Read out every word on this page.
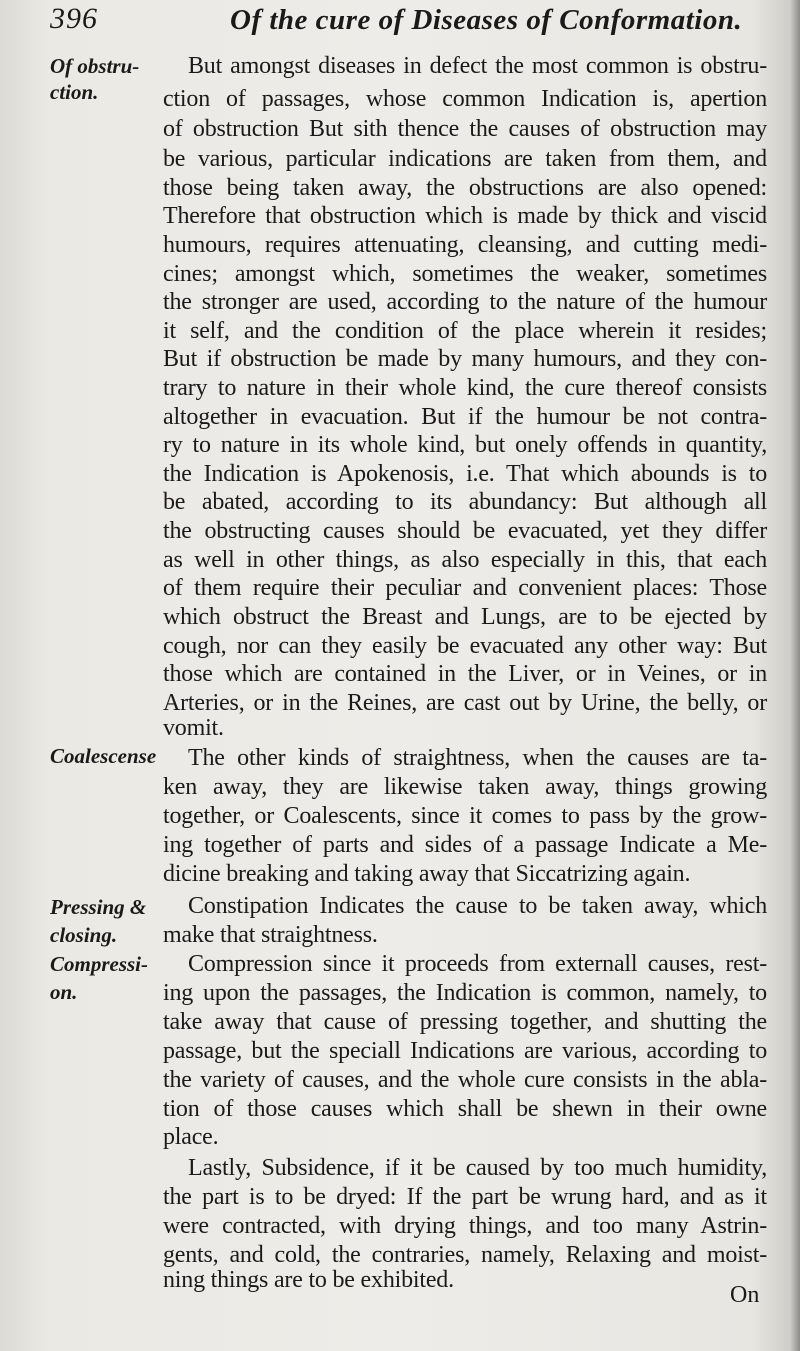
396	Of the cure of Diseases of Conformation.
Of obstru-
ction.
Coalescense
Pressing &
closing.
Compressi-
on.
But amongst diseases in defect the most common is obstru-
ction of passages, whose common Indication is, apertion
of obstruction But sith thence the causes of obstruction may
be various, particular indications are taken from them, and
those being taken away, the obstructions are also opened:
Therefore that obstruction which is made by thick and viscid
humours, requires attenuating, cleansing, and cutting medi-
cines; amongst which, sometimes the weaker, sometimes
the stronger are used, according to the nature of the humour
it self, and the condition of the place wherein it resides;
But if obstruction be made by many humours, and they con-
trary to nature in their whole kind, the cure thereof consists
altogether in evacuation. But if the humour be not contra-
ry to nature in its whole kind, but onely offends in quantity,
the Indication is Apokenosis, i.e. That which abounds is to
be abated, according to its abundancy: But although all
the obstructing causes should be evacuated, yet they differ
as well in other things, as also especially in this, that each
of them require their peculiar and convenient places: Those
which obstruct the Breast and Lungs, are to be ejected by
cough, nor can they easily be evacuated any other way: But
those which are contained in the Liver, or in Veines, or in
Arteries, or in the Reines, are cast out by Urine, the belly, or
vomit.
The other kinds of straightness, when the causes are ta-
ken away, they are likewise taken away, things growing
together, or Coalescents, since it comes to pass by the grow-
ing together of parts and sides of a passage Indicate a Me-
dicine breaking and taking away that Siccatrizing again.
Constipation Indicates the cause to be taken away, which
make that straightness.
Compression since it proceeds from externall causes, rest-
ing upon the passages, the Indication is common, namely, to
take away that cause of pressing together, and shutting the
passage, but the speciall Indications are various, according to
the variety of causes, and the whole cure consists in the abla-
tion of those causes which shall be shewn in their owne
place.
Lastly, Subsidence, if it be caused by too much humidity,
the part is to be dryed: If the part be wrung hard, and as it
were contracted, with drying things, and too many Astrin-
gents, and cold, the contraries, namely, Relaxing and moist-
ning things are to be exhibited.
On
